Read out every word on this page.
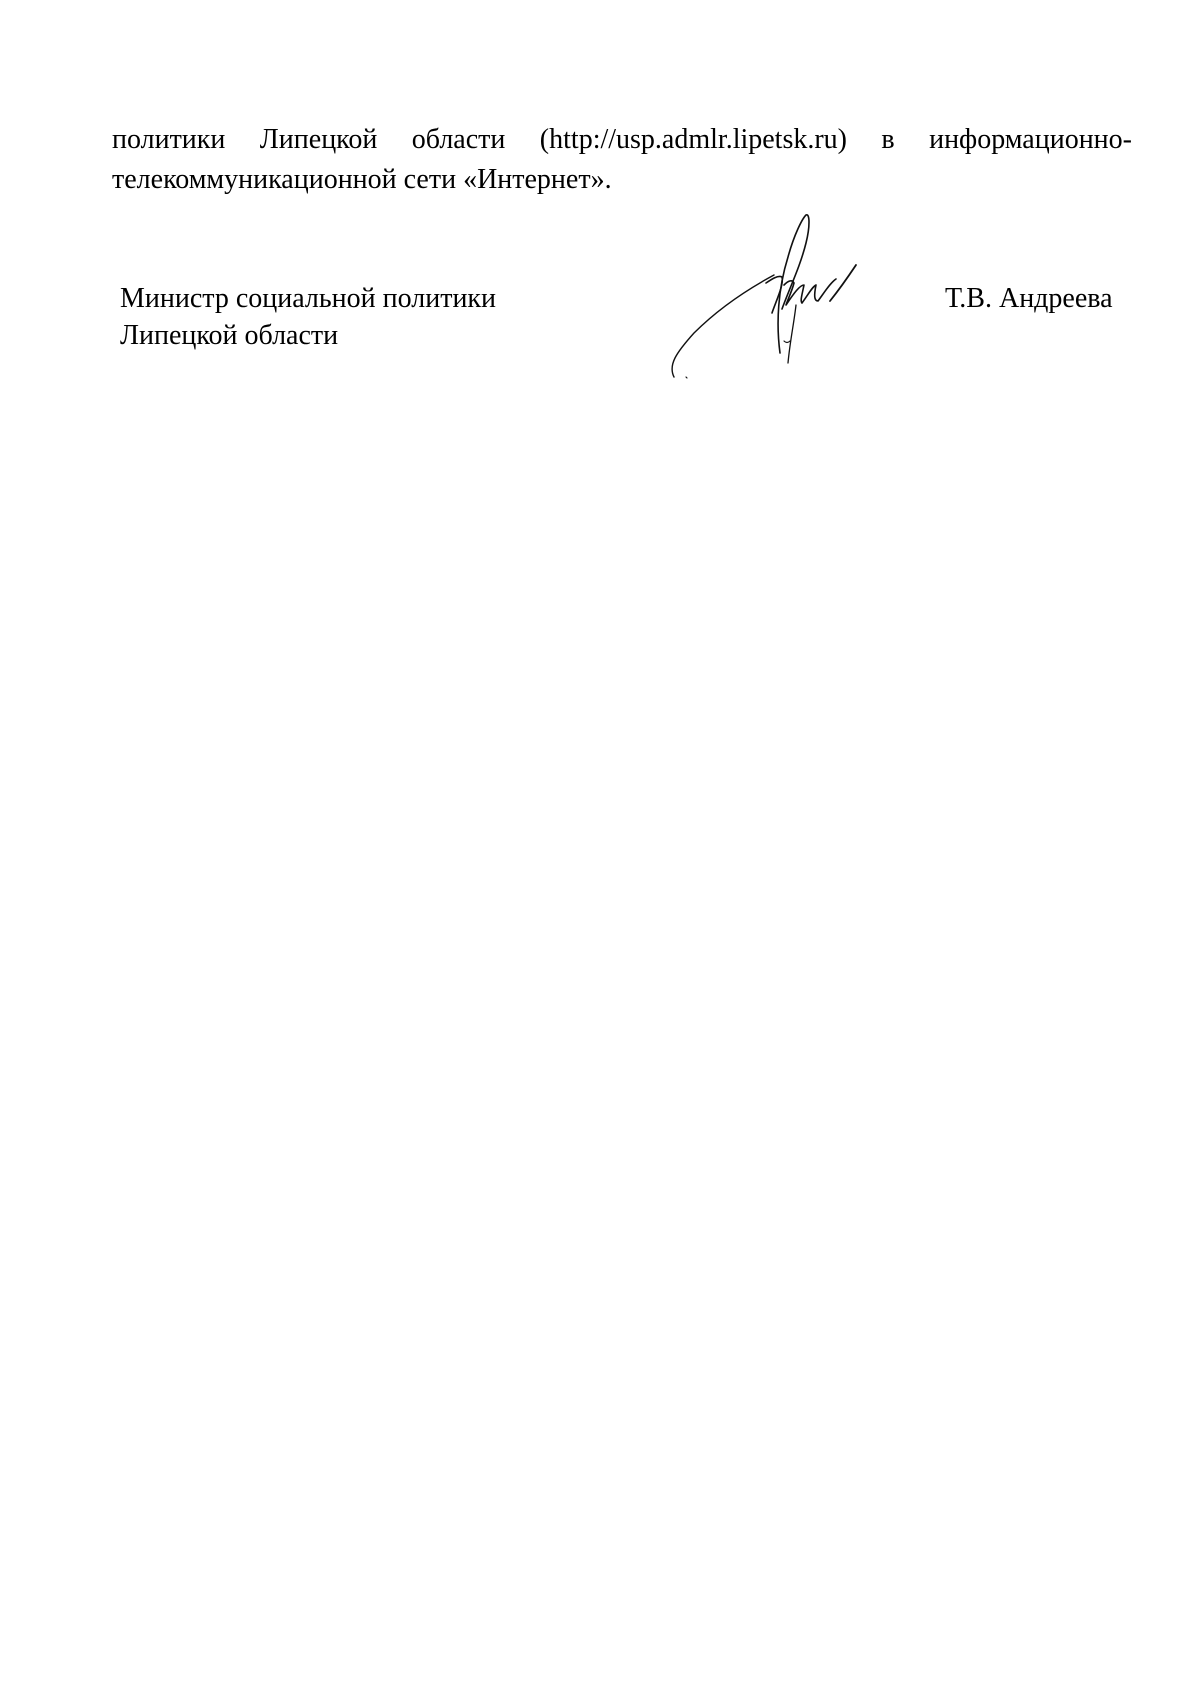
политики Липецкой области (http://usp.admlr.lipetsk.ru) в информационно-
телекоммуникационной сети «Интернет».
Министр социальной политики
Липецкой области
Т.В. Андреева
